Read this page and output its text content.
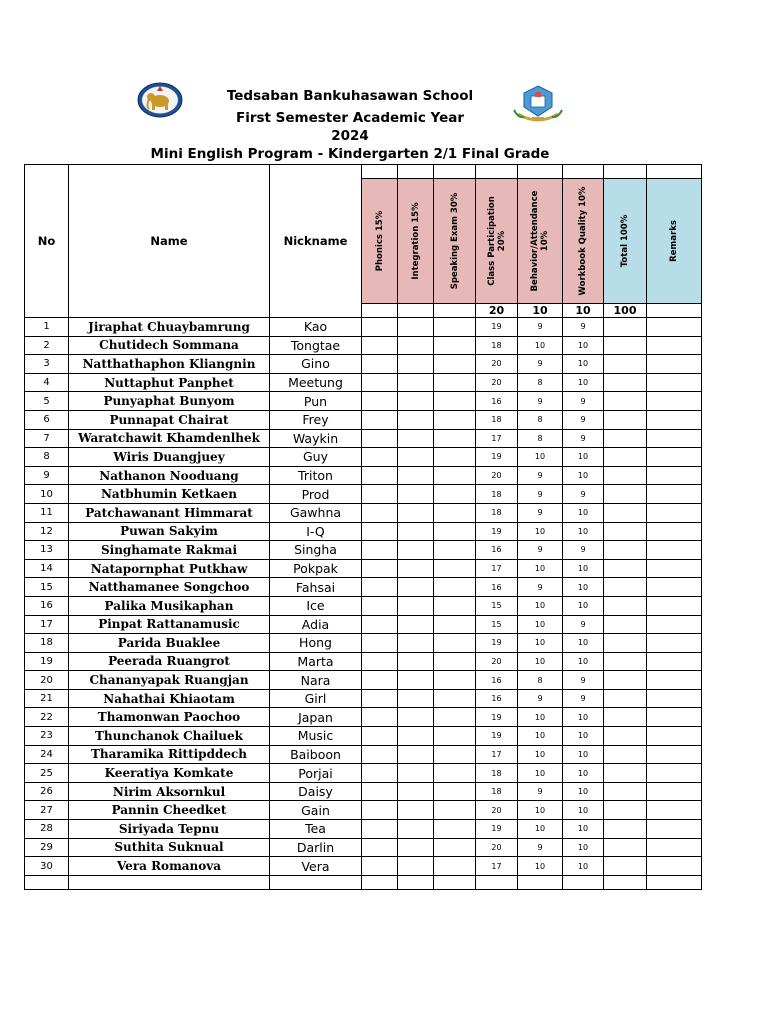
Tedsaban Bankuhasawan School
First Semester Academic Year
2024
Mini English Program - Kindergarten 2/1 Final Grade
No	Name	Nickname								

			Phonics 15%	Integration 15%	Speaking Exam 30%	Class Participation 20%	Behavior/Attendance 10%	Workbook Quality 10%	Total 100%	Remarks

						20	10	10	100	
1	Jiraphat Chuaybamrung	Kao				19	9	9		
2	Chutidech Sommana	Tongtae				18	10	10		
3	Natthathaphon Kliangnin	Gino				20	9	10		
4	Nuttaphut Panphet	Meetung				20	8	10		
5	Punyaphat Bunyom	Pun				16	9	9		
6	Punnapat Chairat	Frey				18	8	9		
7	Waratchawit Khamdenlhek	Waykin				17	8	9		
8	Wiris Duangjuey	Guy				19	10	10		
9	Nathanon Nooduang	Triton				20	9	10		
10	Natbhumin Ketkaen	Prod				18	9	9		
11	Patchawanant Himmarat	Gawhna				18	9	10		
12	Puwan Sakyim	I-Q				19	10	10		
13	Singhamate Rakmai	Singha				16	9	9		
14	Natapornphat Putkhaw	Pokpak				17	10	10		
15	Natthamanee Songchoo	Fahsai				16	9	10		
16	Palika Musikaphan	Ice				15	10	10		
17	Pinpat Rattanamusic	Adia				15	10	9		
18	Parida Buaklee	Hong				19	10	10		
19	Peerada Ruangrot	Marta				20	10	10		
20	Chananyapak Ruangjan	Nara				16	8	9		
21	Nahathai Khiaotam	Girl				16	9	9		
22	Thamonwan Paochoo	Japan				19	10	10		
23	Thunchanok Chailuek	Music				19	10	10		
24	Tharamika Rittipddech	Baiboon				17	10	10		
25	Keeratiya Komkate	Porjai				18	10	10		
26	Nirim Aksornkul	Daisy				18	9	10		
27	Pannin Cheedket	Gain				20	10	10		
28	Siriyada Tepnu	Tea				19	10	10		
29	Suthita Suknual	Darlin				20	9	10		
30	Vera Romanova	Vera				17	10	10		
